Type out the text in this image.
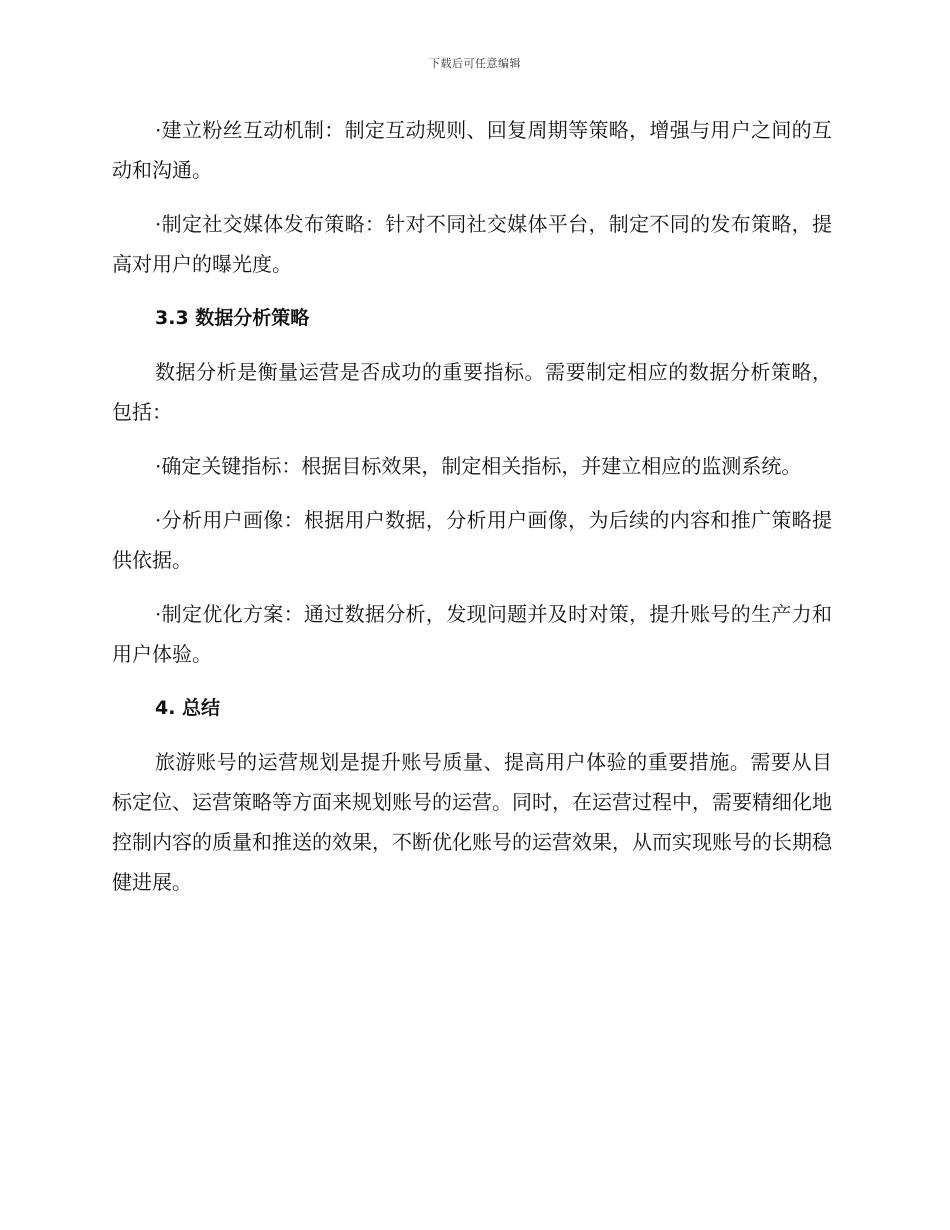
下载后可任意编辑

·建立粉丝互动机制：制定互动规则、回复周期等策略，增强与用户之间的互动和沟通。

·制定社交媒体发布策略：针对不同社交媒体平台，制定不同的发布策略，提高对用户的曝光度。

3.3 数据分析策略

数据分析是衡量运营是否成功的重要指标。需要制定相应的数据分析策略，包括：

·确定关键指标：根据目标效果，制定相关指标，并建立相应的监测系统。

·分析用户画像：根据用户数据，分析用户画像，为后续的内容和推广策略提供依据。

·制定优化方案：通过数据分析，发现问题并及时对策，提升账号的生产力和用户体验。

4. 总结

旅游账号的运营规划是提升账号质量、提高用户体验的重要措施。需要从目标定位、运营策略等方面来规划账号的运营。同时，在运营过程中，需要精细化地控制内容的质量和推送的效果，不断优化账号的运营效果，从而实现账号的长期稳健进展。
